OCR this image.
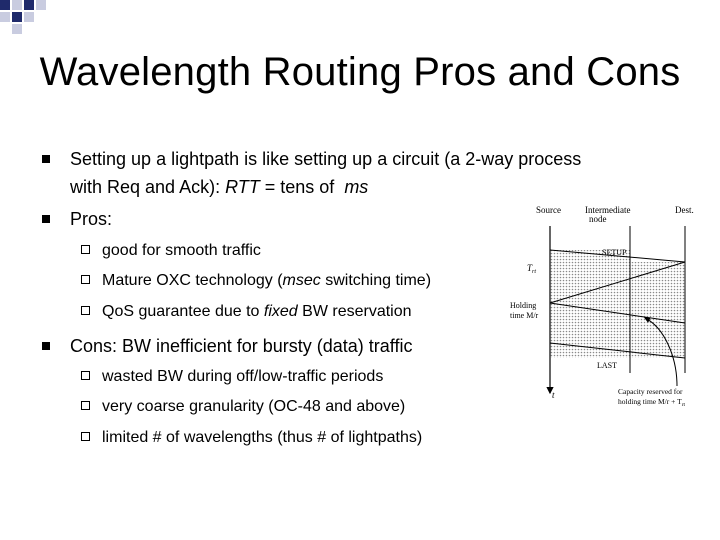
Wavelength Routing Pros and Cons
Setting up a lightpath is like setting up a circuit (a 2-way process
with Req and Ack): RTT = tens of  ms
Pros:
good for smooth traffic
Mature OXC technology (msec switching time)
QoS guarantee due to fixed BW reservation
Cons: BW inefficient for bursty (data) traffic
wasted BW during off/low-traffic periods
very coarse granularity (OC-48 and above)
limited # of wavelengths (thus # of lightpaths)
Source	Intermediate
node
Dest.
SETUP
LAST
$T_{rt}$
Holding
time M/r
t	Capacity reserved for
holding time $M/r + T_{rt}$
